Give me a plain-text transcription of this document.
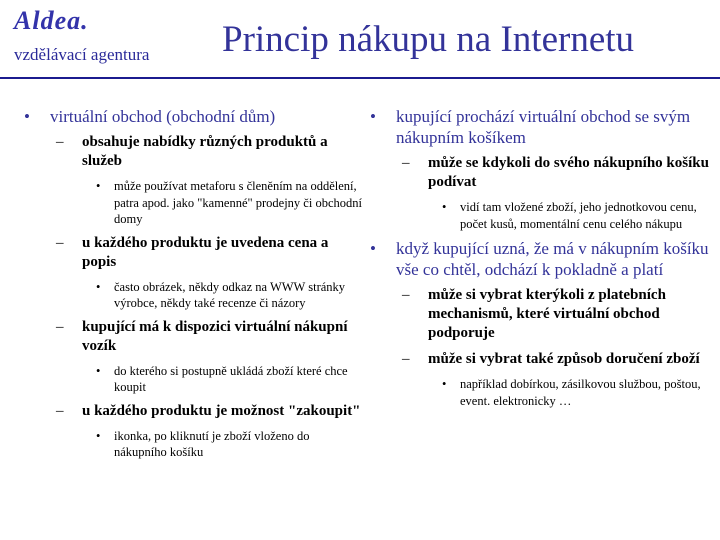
Aldea.
vzdělávací agentura Princip nákupu na Internetu
• virtuální obchod (obchodní dům)
– obsahuje nabídky různých produktů a služeb
• může používat metaforu s členěním na oddělení, patra apod. jako "kamenné" prodejny či obchodní domy
– u každého produktu je uvedena cena a popis
• často obrázek, někdy odkaz na WWW stránky výrobce, někdy také recenze či názory
– kupující má k dispozici virtuální nákupní vozík
• do kterého si postupně ukládá zboží které chce koupit
– u každého produktu je možnost "zakoupit"
• ikonka, po kliknutí je zboží vloženo do nákupního košíku
• kupující prochází virtuální obchod se svým nákupním košíkem
– může se kdykoli do svého nákupního košíku podívat
• vidí tam vložené zboží, jeho jednotkovou cenu, počet kusů, momentální cenu celého nákupu
• když kupující uzná, že má v nákupním košíku vše co chtěl, odchází k pokladně a platí
– může si vybrat kterýkoli z platebních mechanismů, které virtuální obchod podporuje
– může si vybrat také způsob doručení zboží
• například dobírkou, zásilkovou službou, poštou, event. elektronicky …
